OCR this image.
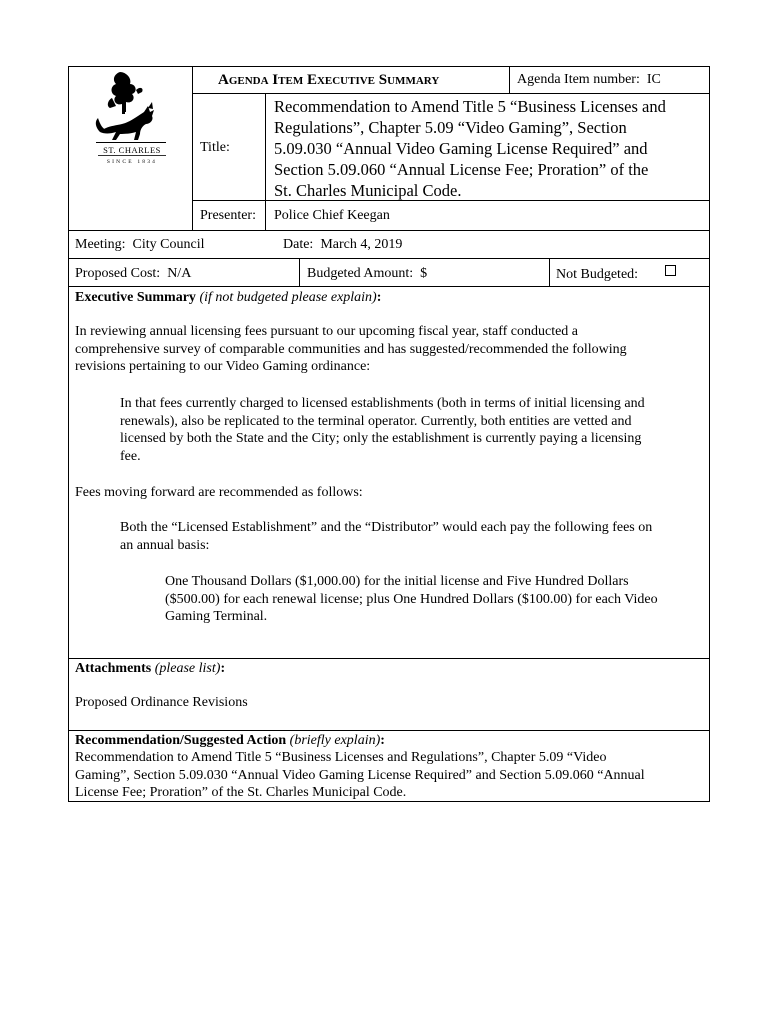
ST. CHARLES
SINCE 1834
Agenda Item Executive Summary	Agenda Item number: IC
Title:
Recommendation to Amend Title 5 “Business Licenses and
Regulations”, Chapter 5.09 “Video Gaming”, Section
5.09.030 “Annual Video Gaming License Required” and
Section 5.09.060 “Annual License Fee; Proration” of the
St. Charles Municipal Code.
Presenter: Police Chief Keegan
Meeting: City Council	Date: March 4, 2019
Proposed Cost: N/A	Budgeted Amount: $	Not Budgeted:
Executive Summary (if not budgeted please explain):
In reviewing annual licensing fees pursuant to our upcoming fiscal year, staff conducted a
comprehensive survey of comparable communities and has suggested/recommended the following
revisions pertaining to our Video Gaming ordinance:
In that fees currently charged to licensed establishments (both in terms of initial licensing and
renewals), also be replicated to the terminal operator. Currently, both entities are vetted and
licensed by both the State and the City; only the establishment is currently paying a licensing
fee.
Fees moving forward are recommended as follows:
Both the “Licensed Establishment” and the “Distributor” would each pay the following fees on
an annual basis:
One Thousand Dollars ($1,000.00) for the initial license and Five Hundred Dollars
($500.00) for each renewal license; plus One Hundred Dollars ($100.00) for each Video
Gaming Terminal.
Attachments (please list):
Proposed Ordinance Revisions
Recommendation/Suggested Action (briefly explain):
Recommendation to Amend Title 5 “Business Licenses and Regulations”, Chapter 5.09 “Video
Gaming”, Section 5.09.030 “Annual Video Gaming License Required” and Section 5.09.060 “Annual
License Fee; Proration” of the St. Charles Municipal Code.
